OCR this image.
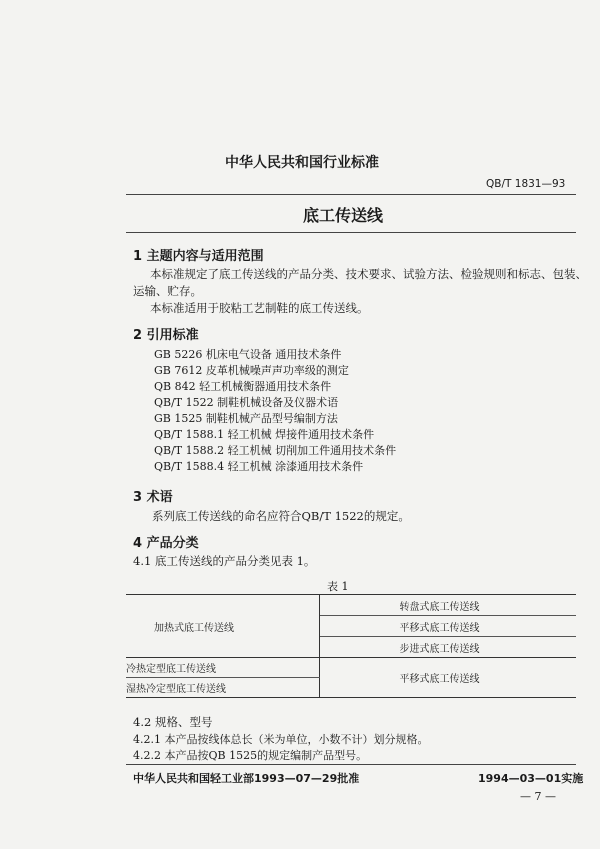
中华人民共和国行业标准
QB/T 1831—93
底工传送线
1 主题内容与适用范围
本标准规定了底工传送线的产品分类、技术要求、试验方法、检验规则和标志、包装、
运输、贮存。
本标准适用于胶粘工艺制鞋的底工传送线。
2 引用标准
GB 5226 机床电气设备 通用技术条件
GB 7612 皮革机械噪声声功率级的测定
QB 842 轻工机械衡器通用技术条件
QB/T 1522 制鞋机械设备及仪器术语
GB 1525 制鞋机械产品型号编制方法
QB/T 1588.1 轻工机械 焊接件通用技术条件
QB/T 1588.2 轻工机械 切削加工件通用技术条件
QB/T 1588.4 轻工机械 涂漆通用技术条件
3 术语
系列底工传送线的命名应符合QB/T 1522的规定。
4 产品分类
4.1 底工传送线的产品分类见表 1。
表 1
加热式底工传送线	转盘式底工传送线
	平移式底工传送线
	步进式底工传送线
冷热定型底工传送线	平移式底工传送线
湿热冷定型底工传送线	
4.2 规格、型号
4.2.1 本产品按线体总长（米为单位，小数不计）划分规格。
4.2.2 本产品按QB 1525的规定编制产品型号。
中华人民共和国轻工业部1993—07—29批准	1994—03—01实施
— 7 —
